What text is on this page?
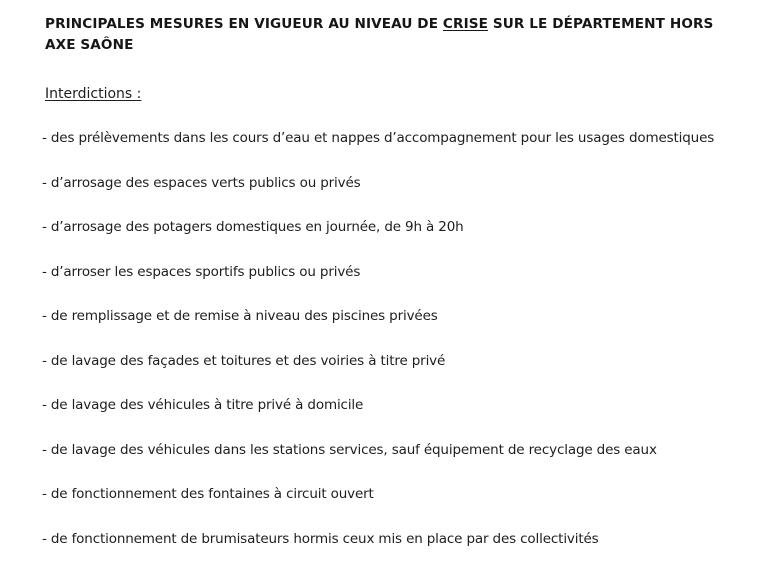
PRINCIPALES MESURES EN VIGUEUR AU NIVEAU DE CRISE SUR LE DÉPARTEMENT HORS AXE SAÔNE
Interdictions :
- des prélèvements dans les cours d’eau et nappes d’accompagnement pour les usages domestiques
- d’arrosage des espaces verts publics ou privés
- d’arrosage des potagers domestiques en journée, de 9h à 20h
- d’arroser les espaces sportifs publics ou privés
- de remplissage et de remise à niveau des piscines privées
- de lavage des façades et toitures et des voiries à titre privé
- de lavage des véhicules à titre privé à domicile
- de lavage des véhicules dans les stations services, sauf équipement de recyclage des eaux
- de fonctionnement des fontaines à circuit ouvert
- de fonctionnement de brumisateurs hormis ceux mis en place par des collectivités
